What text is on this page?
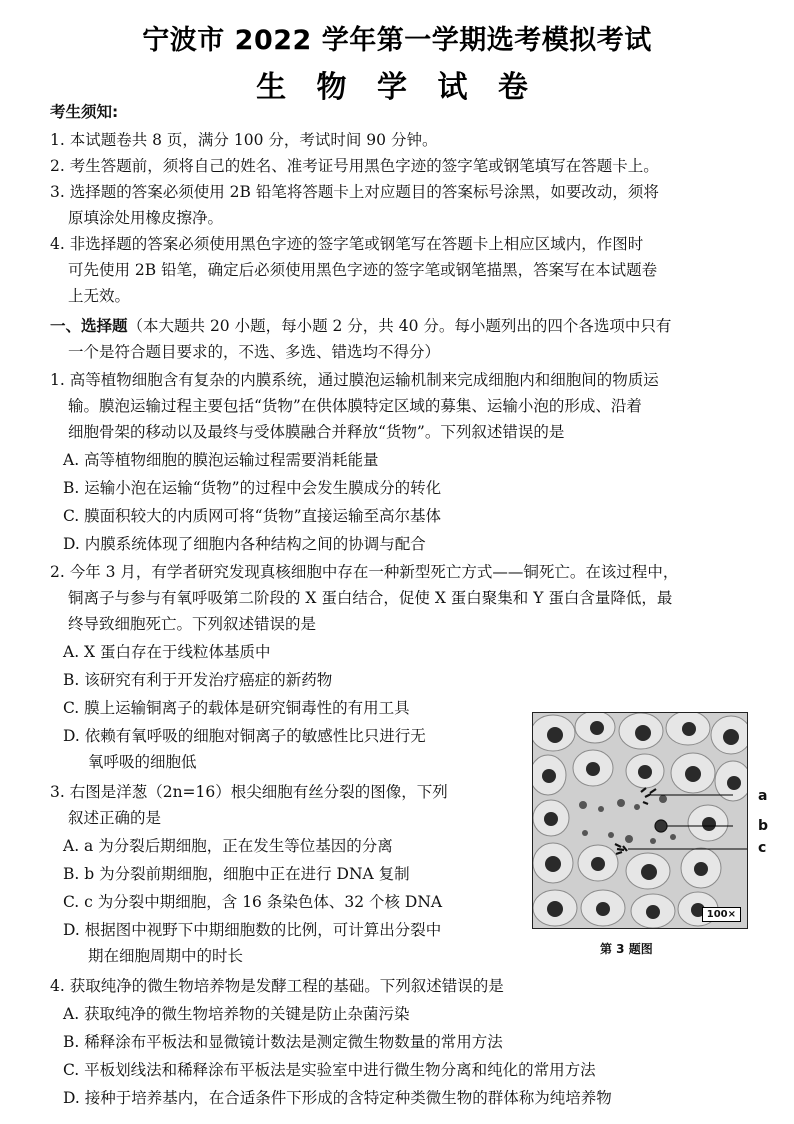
宁波市 2022 学年第一学期选考模拟考试
生 物 学 试 卷
考生须知:
1. 本试题卷共 8 页，满分 100 分，考试时间 90 分钟。
2. 考生答题前，须将自己的姓名、准考证号用黑色字迹的签字笔或钢笔填写在答题卡上。
3. 选择题的答案必须使用 2B 铅笔将答题卡上对应题目的答案标号涂黑，如要改动，须将
原填涂处用橡皮擦净。
4. 非选择题的答案必须使用黑色字迹的签字笔或钢笔写在答题卡上相应区域内，作图时
可先使用 2B 铅笔，确定后必须使用黑色字迹的签字笔或钢笔描黑，答案写在本试题卷
上无效。
一、选择题（本大题共 20 小题，每小题 2 分，共 40 分。每小题列出的四个各选项中只有
一个是符合题目要求的，不选、多选、错选均不得分）
1. 高等植物细胞含有复杂的内膜系统，通过膜泡运输机制来完成细胞内和细胞间的物质运
输。膜泡运输过程主要包括“货物”在供体膜特定区域的募集、运输小泡的形成、沿着
细胞骨架的移动以及最终与受体膜融合并释放“货物”。下列叙述错误的是
A. 高等植物细胞的膜泡运输过程需要消耗能量
B. 运输小泡在运输“货物”的过程中会发生膜成分的转化
C. 膜面积较大的内质网可将“货物”直接运输至高尔基体
D. 内膜系统体现了细胞内各种结构之间的协调与配合
2. 今年 3 月，有学者研究发现真核细胞中存在一种新型死亡方式——铜死亡。在该过程中，
铜离子与参与有氧呼吸第二阶段的 X 蛋白结合，促使 X 蛋白聚集和 Y 蛋白含量降低，最
终导致细胞死亡。下列叙述错误的是
A. X 蛋白存在于线粒体基质中
B. 该研究有利于开发治疗癌症的新药物
C. 膜上运输铜离子的载体是研究铜毒性的有用工具
D. 依赖有氧呼吸的细胞对铜离子的敏感性比只进行无
氧呼吸的细胞低
3. 右图是洋葱（2n=16）根尖细胞有丝分裂的图像，下列
叙述正确的是
A. a 为分裂后期细胞，正在发生等位基因的分离
B. b 为分裂前期细胞，细胞中正在进行 DNA 复制
C. c 为分裂中期细胞，含 16 条染色体、32 个核 DNA
D. 根据图中视野下中期细胞数的比例，可计算出分裂中
期在细胞周期中的时长
100×
a
b
c
第 3 题图
4. 获取纯净的微生物培养物是发酵工程的基础。下列叙述错误的是
A. 获取纯净的微生物培养物的关键是防止杂菌污染
B. 稀释涂布平板法和显微镜计数法是测定微生物数量的常用方法
C. 平板划线法和稀释涂布平板法是实验室中进行微生物分离和纯化的常用方法
D. 接种于培养基内，在合适条件下形成的含特定种类微生物的群体称为纯培养物
